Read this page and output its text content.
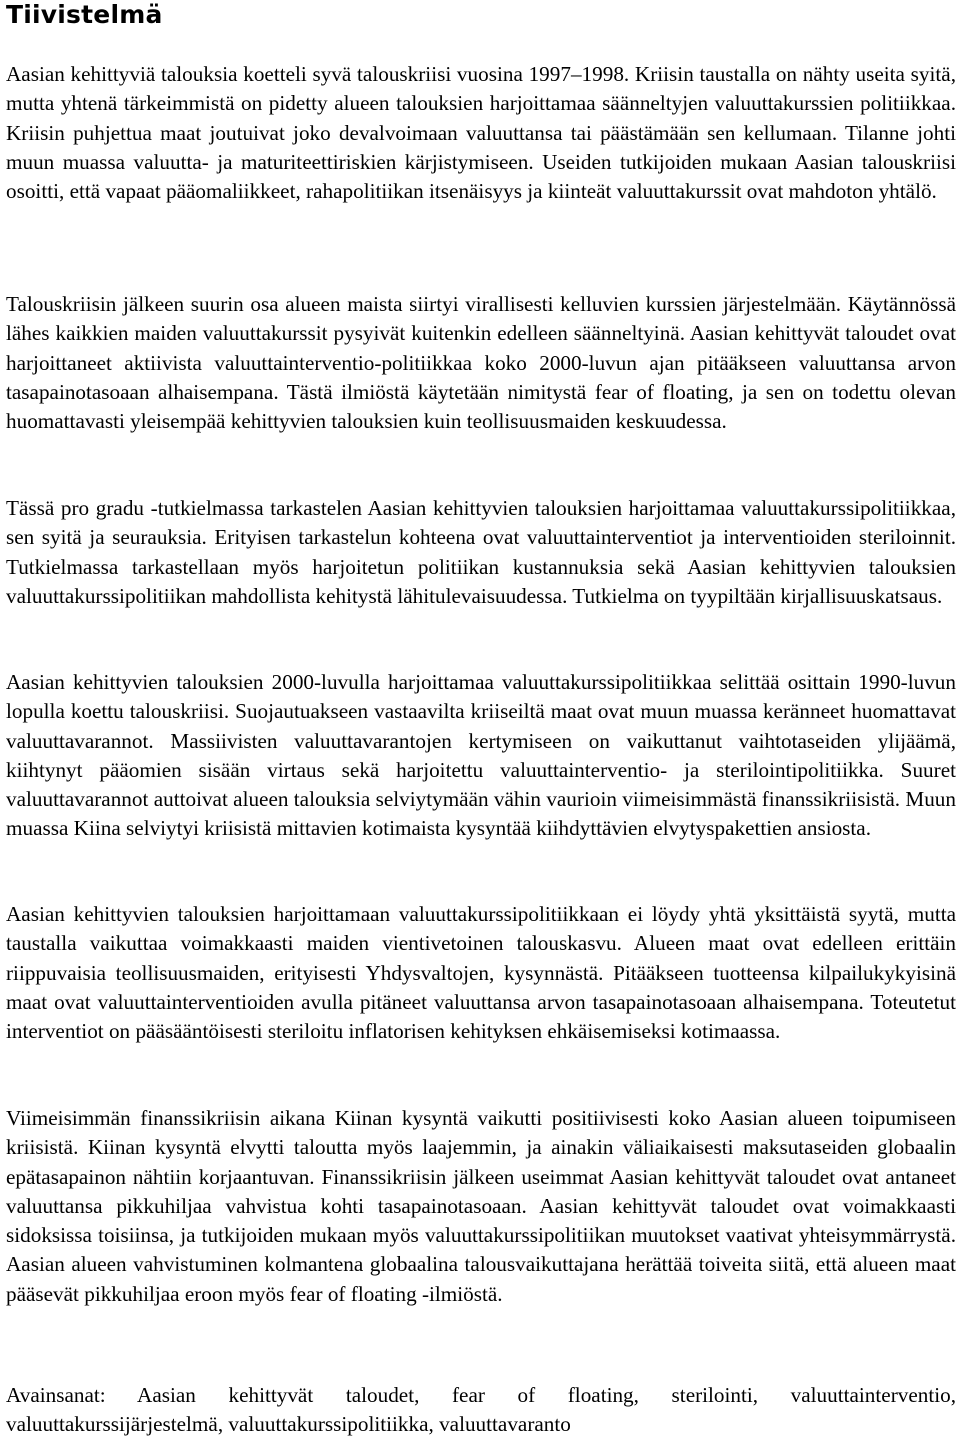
Tiivistelmä

Aasian kehittyviä talouksia koetteli syvä talouskriisi vuosina 1997–1998. Kriisin taustalla on nähty useita syitä, mutta yhtenä tärkeimmistä on pidetty alueen talouksien harjoittamaa säänneltyjen valuuttakurssien politiikkaa. Kriisin puhjettua maat joutuivat joko devalvoimaan valuuttansa tai päästämään sen kellumaan. Tilanne johti muun muassa valuutta- ja maturiteettiriskien kärjistymiseen. Useiden tutkijoiden mukaan Aasian talouskriisi osoitti, että vapaat pääomaliikkeet, rahapolitiikan itsenäisyys ja kiinteät valuuttakurssit ovat mahdoton yhtälö.

Talouskriisin jälkeen suurin osa alueen maista siirtyi virallisesti kelluvien kurssien järjestelmään. Käytännössä lähes kaikkien maiden valuuttakurssit pysyivät kuitenkin edelleen säänneltyinä. Aasian kehittyvät taloudet ovat harjoittaneet aktiivista valuuttainterventio-politiikkaa koko 2000-luvun ajan pitääkseen valuuttansa arvon tasapainotasoaan alhaisempana. Tästä ilmiöstä käytetään nimitystä fear of floating, ja sen on todettu olevan huomattavasti yleisempää kehittyvien talouksien kuin teollisuusmaiden keskuudessa.

Tässä pro gradu -tutkielmassa tarkastelen Aasian kehittyvien talouksien harjoittamaa valuuttakurssipolitiikkaa, sen syitä ja seurauksia. Erityisen tarkastelun kohteena ovat valuuttainterventiot ja interventioiden steriloinnit. Tutkielmassa tarkastellaan myös harjoitetun politiikan kustannuksia sekä Aasian kehittyvien talouksien valuuttakurssipolitiikan mahdollista kehitystä lähitulevaisuudessa. Tutkielma on tyypiltään kirjallisuuskatsaus.

Aasian kehittyvien talouksien 2000-luvulla harjoittamaa valuuttakurssipolitiikkaa selittää osittain 1990-luvun lopulla koettu talouskriisi. Suojautuakseen vastaavilta kriiseiltä maat ovat muun muassa keränneet huomattavat valuuttavarannot. Massiivisten valuuttavarantojen kertymiseen on vaikuttanut vaihtotaseiden ylijäämä, kiihtynyt pääomien sisään virtaus sekä harjoitettu valuuttainterventio- ja sterilointipolitiikka. Suuret valuuttavarannot auttoivat alueen talouksia selviytymään vähin vaurioin viimeisimmästä finanssikriisistä. Muun muassa Kiina selviytyi kriisistä mittavien kotimaista kysyntää kiihdyttävien elvytyspakettien ansiosta.

Aasian kehittyvien talouksien harjoittamaan valuuttakurssipolitiikkaan ei löydy yhtä yksittäistä syytä, mutta taustalla vaikuttaa voimakkaasti maiden vientivetoinen talouskasvu. Alueen maat ovat edelleen erittäin riippuvaisia teollisuusmaiden, erityisesti Yhdysvaltojen, kysynnästä. Pitääkseen tuotteensa kilpailukykyisinä maat ovat valuuttainterventioiden avulla pitäneet valuuttansa arvon tasapainotasoaan alhaisempana. Toteutetut interventiot on pääsääntöisesti steriloitu inflatorisen kehityksen ehkäisemiseksi kotimaassa.

Viimeisimmän finanssikriisin aikana Kiinan kysyntä vaikutti positiivisesti koko Aasian alueen toipumiseen kriisistä. Kiinan kysyntä elvytti taloutta myös laajemmin, ja ainakin väliaikaisesti maksutaseiden globaalin epätasapainon nähtiin korjaantuvan. Finanssikriisin jälkeen useimmat Aasian kehittyvät taloudet ovat antaneet valuuttansa pikkuhiljaa vahvistua kohti tasapainotasoaan. Aasian kehittyvät taloudet ovat voimakkaasti sidoksissa toisiinsa, ja tutkijoiden mukaan myös valuuttakurssipolitiikan muutokset vaativat yhteisymmärrystä. Aasian alueen vahvistuminen kolmantena globaalina talousvaikuttajana herättää toiveita siitä, että alueen maat pääsevät pikkuhiljaa eroon myös fear of floating -ilmiöstä.

Avainsanat: Aasian kehittyvät taloudet, fear of floating, sterilointi, valuuttainterventio, valuuttakurssijärjestelmä, valuuttakurssipolitiikka, valuuttavaranto
